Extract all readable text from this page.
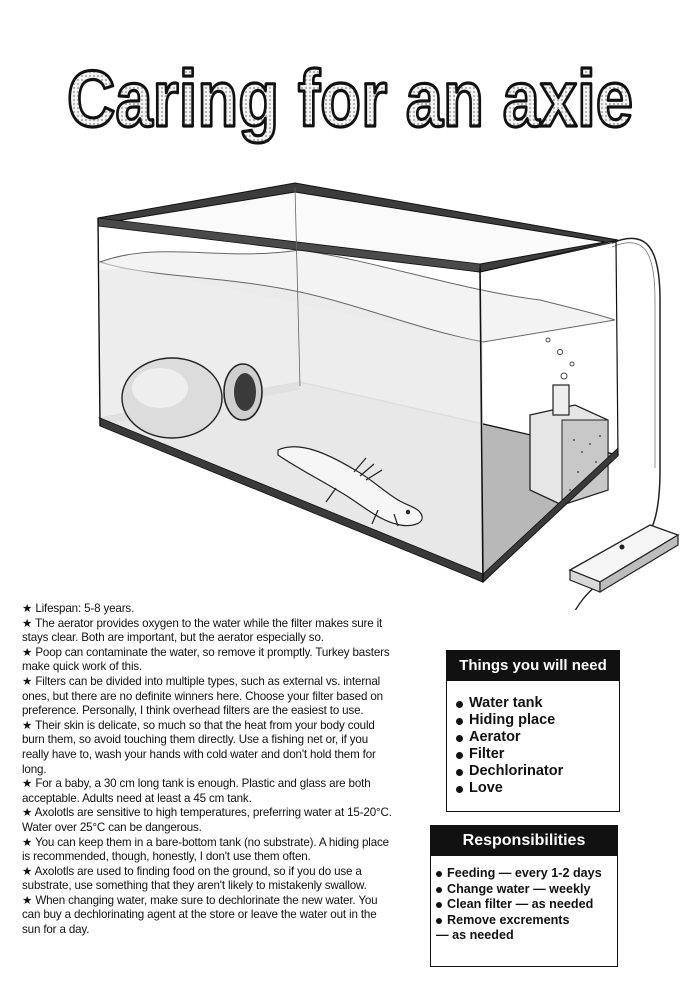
Caring for an axie

★ Lifespan: 5-8 years.

★ The aerator provides oxygen to the water while the filter makes sure it stays clear. Both are important, but the aerator especially so.

★ Poop can contaminate the water, so remove it promptly. Turkey basters make quick work of this.

★ Filters can be divided into multiple types, such as external vs. internal ones, but there are no definite winners here. Choose your filter based on preference. Personally, I think overhead filters are the easiest to use.

★ Their skin is delicate, so much so that the heat from your body could burn them, so avoid touching them directly. Use a fishing net or, if you really have to, wash your hands with cold water and don't hold them for long.

★ For a baby, a 30 cm long tank is enough. Plastic and glass are both acceptable. Adults need at least a 45 cm tank.

★ Axolotls are sensitive to high temperatures, preferring water at 15-20°C. Water over 25°C can be dangerous.

★ You can keep them in a bare-bottom tank (no substrate). A hiding place is recommended, though, honestly, I don't use them often.

★ Axolotls are used to finding food on the ground, so if you do use a substrate, use something that they aren't likely to mistakenly swallow.

★ When changing water, make sure to dechlorinate the new water. You can buy a dechlorinating agent at the store or leave the water out in the sun for a day.

Things you will need
Water tank
Hiding place
Aerator
Filter
Dechlorinator
Love
Responsibilities
Feeding — every 1-2 days
Change water — weekly
Clean filter — as needed
Remove excrements
— as needed
